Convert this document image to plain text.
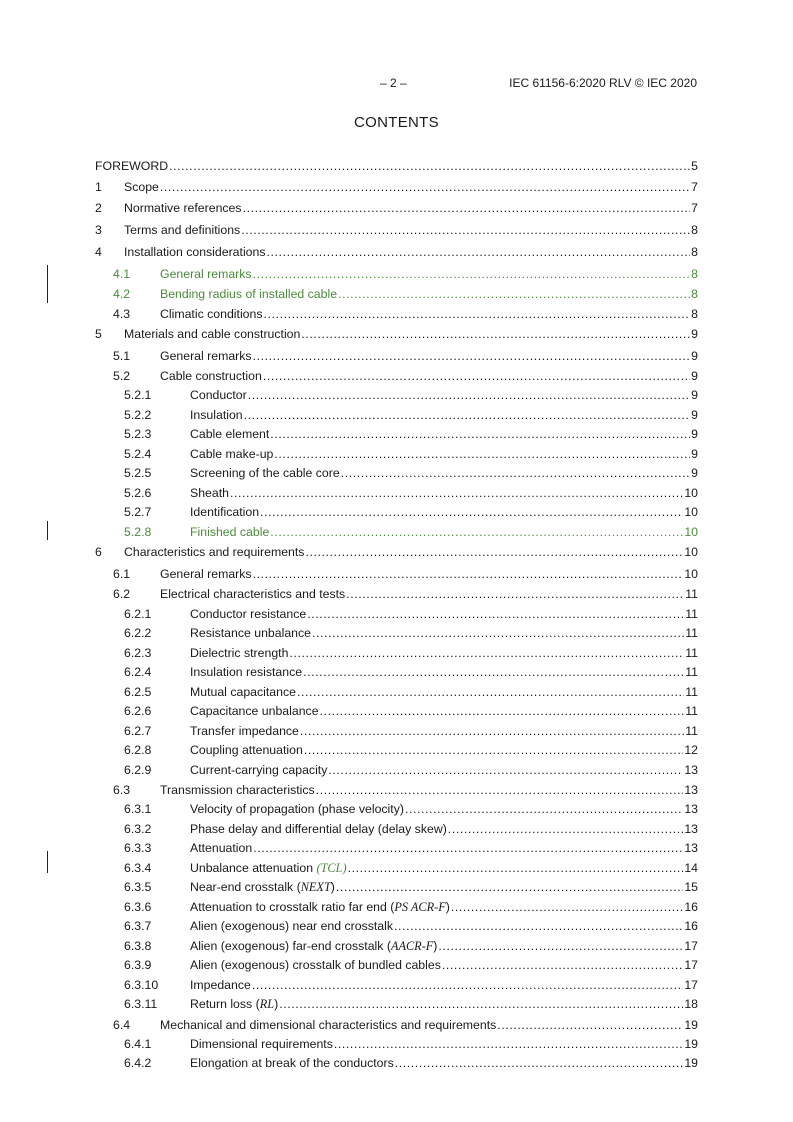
– 2 –	IEC 61156-6:2020 RLV © IEC 2020
CONTENTS
FOREWORD .....	5
1 Scope .....	7
2 Normative references .....	7
3 Terms and definitions .....	8
4 Installation considerations .....	8
4.1 General remarks .....	8
4.2 Bending radius of installed cable .....	8
4.3 Climatic conditions .....	8
5 Materials and cable construction .....	9
5.1 General remarks .....	9
5.2 Cable construction .....	9
5.2.1	Conductor .....	9
5.2.2	Insulation .....	9
5.2.3	Cable element .....	9
5.2.4	Cable make-up .....	9
5.2.5	Screening of the cable core .....	9
5.2.6	Sheath .....	10
5.2.7	Identification .....	10
5.2.8	Finished cable .....	10
6 Characteristics and requirements .....	10
6.1 General remarks .....	10
6.2 Electrical characteristics and tests .....	11
6.2.1	Conductor resistance .....	11
6.2.2	Resistance unbalance .....	11
6.2.3	Dielectric strength .....	11
6.2.4	Insulation resistance .....	11
6.2.5	Mutual capacitance .....	11
6.2.6	Capacitance unbalance .....	11
6.2.7	Transfer impedance .....	11
6.2.8	Coupling attenuation .....	12
6.2.9	Current-carrying capacity .....	13
6.3 Transmission characteristics .....	13
6.3.1	Velocity of propagation (phase velocity) .....	13
6.3.2	Phase delay and differential delay (delay skew) .....	13
6.3.3	Attenuation .....	13
6.3.4	Unbalance attenuation (TCL) .....	14
6.3.5	Near-end crosstalk (NEXT) .....	15
6.3.6	Attenuation to crosstalk ratio far end (PS ACR-F) .....	16
6.3.7	Alien (exogenous) near end crosstalk .....	16
6.3.8	Alien (exogenous) far-end crosstalk (AACR-F) .....	17
6.3.9	Alien (exogenous) crosstalk of bundled cables .....	17
6.3.10	Impedance .....	17
6.3.11	Return loss (RL) .....	18
6.4 Mechanical and dimensional characteristics and requirements .....	19
6.4.1	Dimensional requirements .....	19
6.4.2	Elongation at break of the conductors .....	19
